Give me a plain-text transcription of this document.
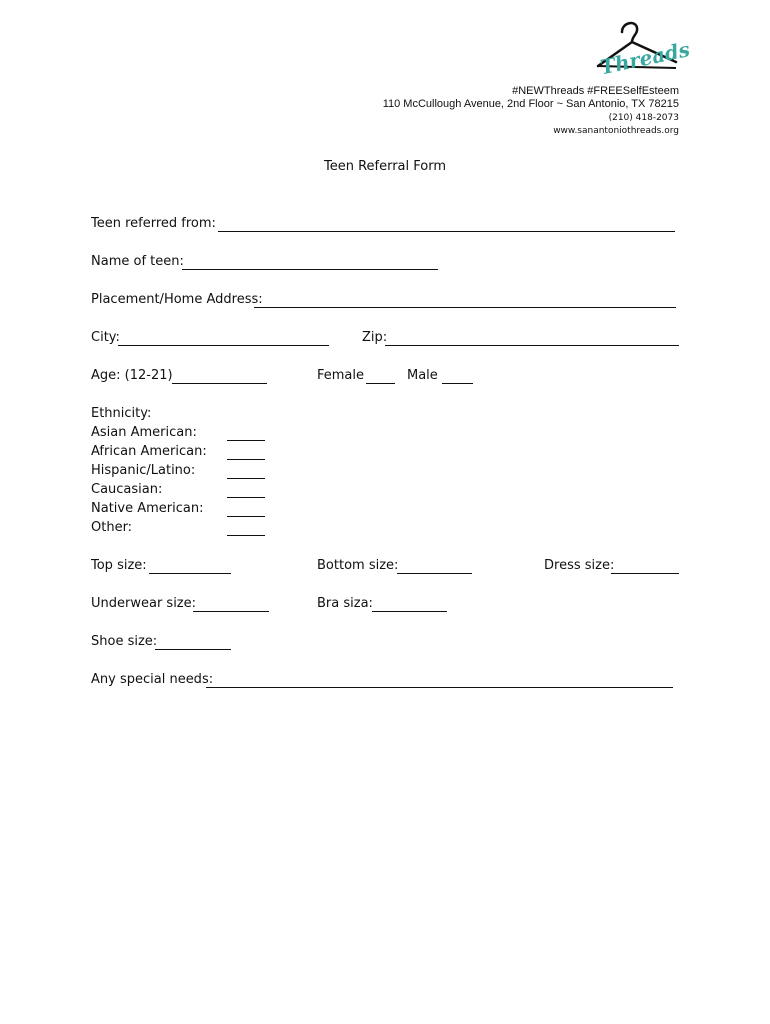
Threads
#NEWThreads #FREESelfEsteem
110 McCullough Avenue, 2nd Floor ~ San Antonio, TX 78215
(210) 418-2073
www.sanantoniothreads.org
Teen Referral Form
Teen referred from:
Name of teen:
Placement/Home Address:
City:	Zip:
Age: (12-21)	Female	Male
Ethnicity:
Asian American:
African American:
Hispanic/Latino:
Caucasian:
Native American:
Other:
Top size:	Bottom size:	Dress size:
Underwear size:	Bra siza:
Shoe size:
Any special needs:
